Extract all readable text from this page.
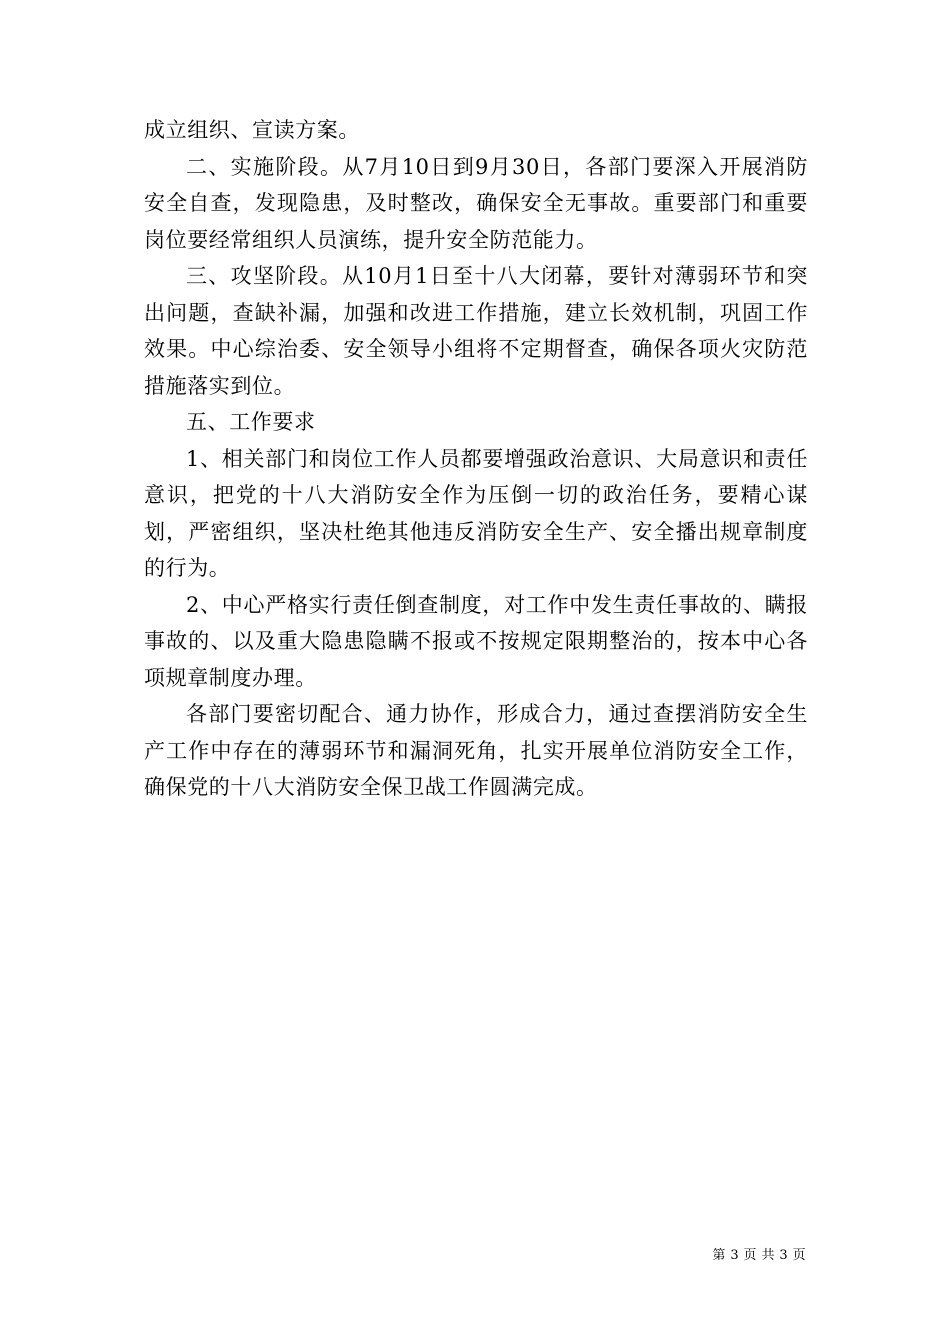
成立组织、宣读方案。

二、实施阶段。从7月10日到9月30日，各部门要深入开展消防安全自查，发现隐患，及时整改，确保安全无事故。重要部门和重要岗位要经常组织人员演练，提升安全防范能力。

三、攻坚阶段。从10月1日至十八大闭幕，要针对薄弱环节和突出问题，查缺补漏，加强和改进工作措施，建立长效机制，巩固工作效果。中心综治委、安全领导小组将不定期督查，确保各项火灾防范措施落实到位。

五、工作要求

1、相关部门和岗位工作人员都要增强政治意识、大局意识和责任意识，把党的十八大消防安全作为压倒一切的政治任务，要精心谋划，严密组织，坚决杜绝其他违反消防安全生产、安全播出规章制度的行为。

2、中心严格实行责任倒查制度，对工作中发生责任事故的、瞒报事故的、以及重大隐患隐瞒不报或不按规定限期整治的，按本中心各项规章制度办理。

各部门要密切配合、通力协作，形成合力，通过查摆消防安全生产工作中存在的薄弱环节和漏洞死角，扎实开展单位消防安全工作，确保党的十八大消防安全保卫战工作圆满完成。

第 3 页 共 3 页
